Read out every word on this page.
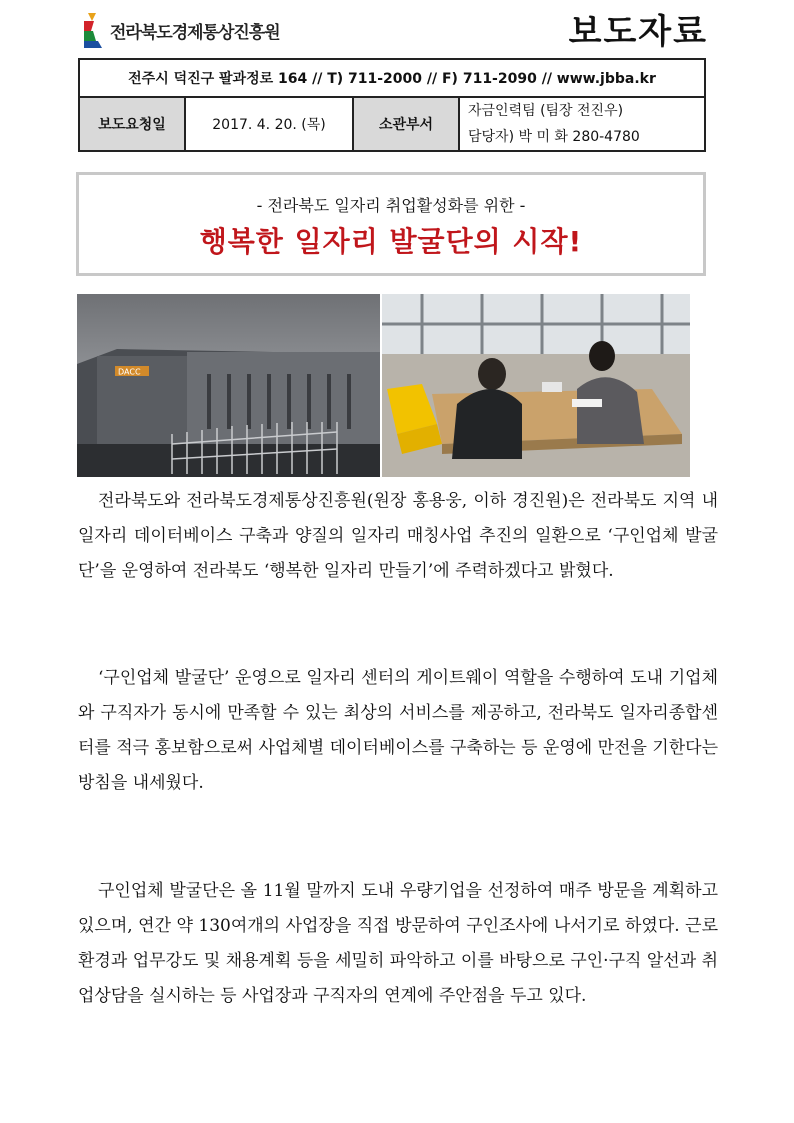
전라북도경제통상진흥원	보도자료
전주시 덕진구 팔과정로 164 // T) 711-2000 // F) 711-2090 // www.jbba.kr
보도요청일	2017. 4. 20. (목)	소관부서	
자금인력팀 (팀장 전진우)
담당자) 박 미 화 280-4780
- 전라북도 일자리 취업활성화를 위한 -
행복한 일자리 발굴단의 시작!
DACC

전라북도와 전라북도경제통상진흥원(원장 홍용웅, 이하 경진원)은 전라북도 지역 내 일자리 데이터베이스 구축과 양질의 일자리 매칭사업 추진의 일환으로 ‘구인업체 발굴단’을 운영하여 전라북도 ‘행복한 일자리 만들기’에 주력하겠다고 밝혔다.

‘구인업체 발굴단’ 운영으로 일자리 센터의 게이트웨이 역할을 수행하여 도내 기업체와 구직자가 동시에 만족할 수 있는 최상의 서비스를 제공하고, 전라북도 일자리종합센터를 적극 홍보함으로써 사업체별 데이터베이스를 구축하는 등 운영에 만전을 기한다는 방침을 내세웠다.

구인업체 발굴단은 올 11월 말까지 도내 우량기업을 선정하여 매주 방문을 계획하고 있으며, 연간 약 130여개의 사업장을 직접 방문하여 구인조사에 나서기로 하였다. 근로환경과 업무강도 및 채용계획 등을 세밀히 파악하고 이를 바탕으로 구인·구직 알선과 취업상담을 실시하는 등 사업장과 구직자의 연계에 주안점을 두고 있다.
